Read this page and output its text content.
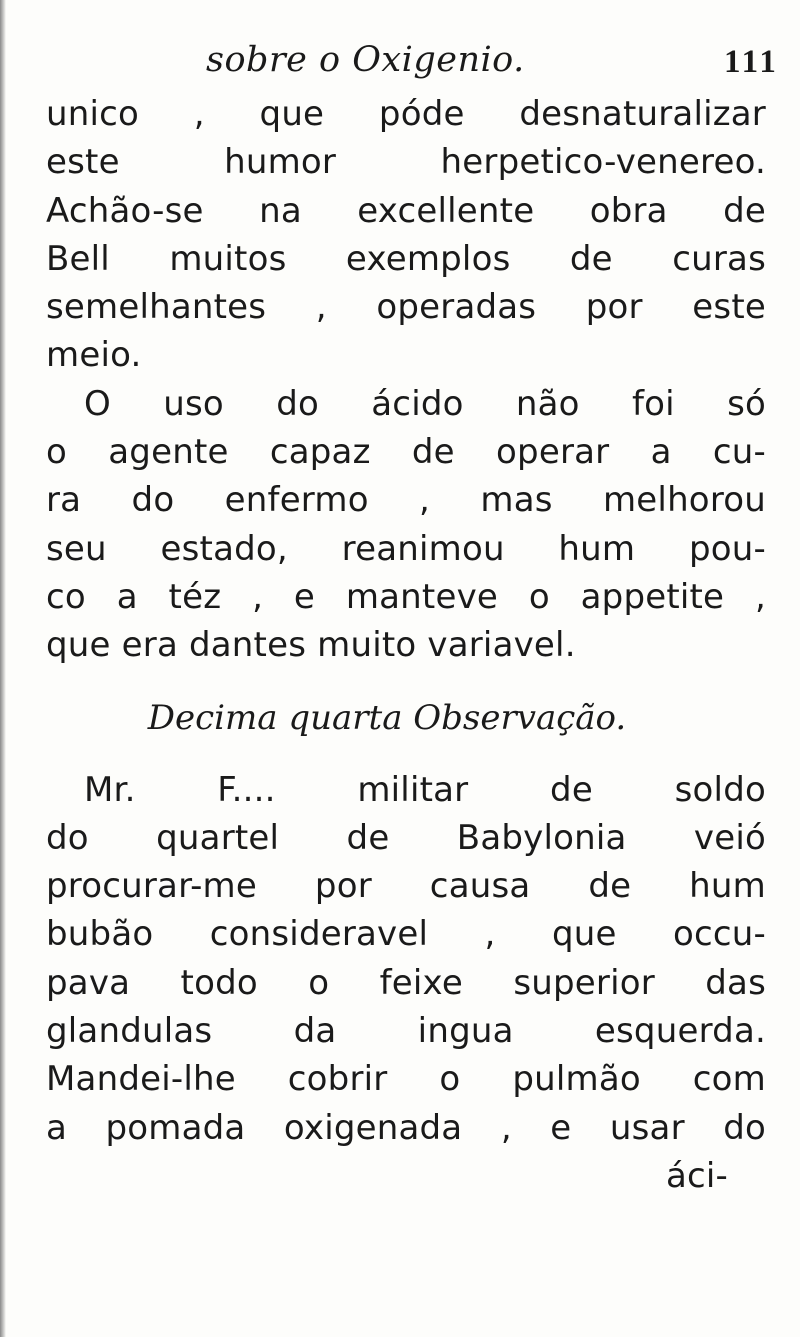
sobre o Oxigenio.	111
unico , que póde desnaturalizar
este humor herpetico-venereo.
Achão-se na excellente obra de
Bell muitos exemplos de curas
semelhantes , operadas por este
meio.
O uso do ácido não foi só
o agente capaz de operar a cu-
ra do enfermo , mas melhorou
seu estado, reanimou hum pou-
co a téz , e manteve o appetite ,
que era dantes muito variavel.
Decima quarta Observação.
Mr. F.... militar de soldo
do quartel de Babylonia veió
procurar-me por causa de hum
bubão consideravel , que occu-
pava todo o feixe superior das
glandulas da ingua esquerda.
Mandei-lhe cobrir o pulmão com
a pomada oxigenada , e usar do
áci-
